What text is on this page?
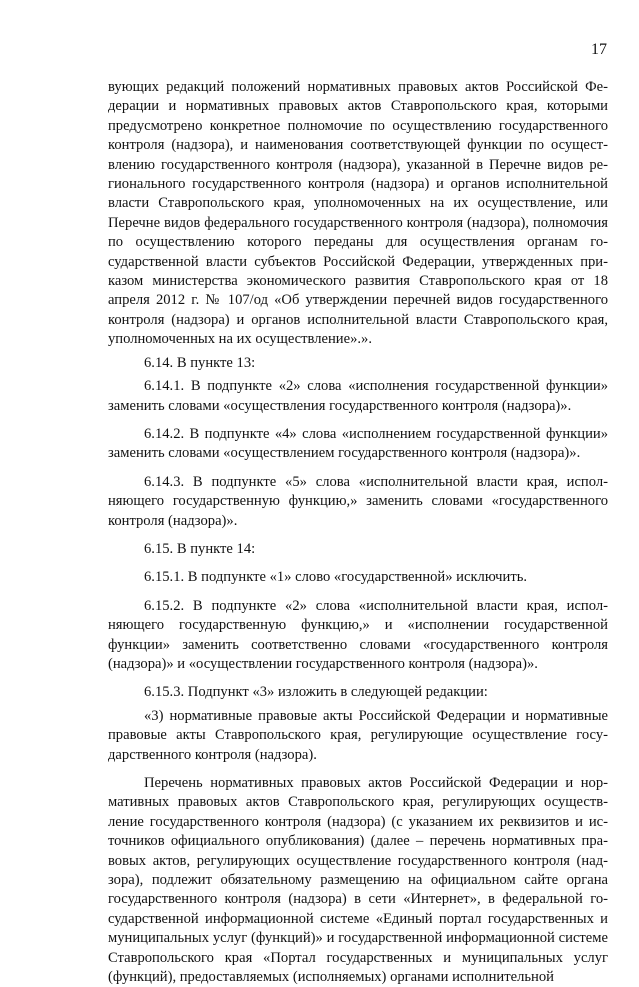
17

вующих редакций положений нормативных правовых актов Российской Федерации и нормативных правовых актов Ставропольского края, которыми предусмотрено конкретное полномочие по осуществлению государственного контроля (надзора), и наименования соответствующей функции по осуществлению государственного контроля (надзора), указанной в Перечне видов регионального государственного контроля (надзора) и органов исполнительной власти Ставропольского края, уполномоченных на их осуществление, или Перечне видов федерального государственного контроля (надзора), полномочия по осуществлению которого переданы для осуществления органам государственной власти субъектов Российской Федерации, утвержденных приказом министерства экономического развития Ставропольского края от 18 апреля 2012 г. № 107/од «Об утверждении перечней видов государственного контроля (надзора) и органов исполнительной власти Ставропольского края, уполномоченных на их осуществление».».

6.14. В пункте 13:

6.14.1. В подпункте «2» слова «исполнения государственной функции» заменить словами «осуществления государственного контроля (надзора)».

6.14.2. В подпункте «4» слова «исполнением государственной функции» заменить словами «осуществлением государственного контроля (надзора)».

6.14.3. В подпункте «5» слова «исполнительной власти края, исполняющего государственную функцию,» заменить словами «государственного контроля (надзора)».

6.15. В пункте 14:

6.15.1. В подпункте «1» слово «государственной» исключить.

6.15.2. В подпункте «2» слова «исполнительной власти края, исполняющего государственную функцию,» и «исполнении государственной функции» заменить соответственно словами «государственного контроля (надзора)» и «осуществлении государственного контроля (надзора)».

6.15.3. Подпункт «3» изложить в следующей редакции:

«3) нормативные правовые акты Российской Федерации и нормативные правовые акты Ставропольского края, регулирующие осуществление государственного контроля (надзора).

Перечень нормативных правовых актов Российской Федерации и нормативных правовых актов Ставропольского края, регулирующих осуществление государственного контроля (надзора) (с указанием их реквизитов и источников официального опубликования) (далее – перечень нормативных правовых актов, регулирующих осуществление государственного контроля (надзора), подлежит обязательному размещению на официальном сайте органа государственного контроля (надзора) в сети «Интернет», в федеральной государственной информационной системе «Единый портал государственных и муниципальных услуг (функций)» и государственной информационной системе Ставропольского края «Портал государственных и муниципальных услуг (функций), предоставляемых (исполняемых) органами исполнительной
